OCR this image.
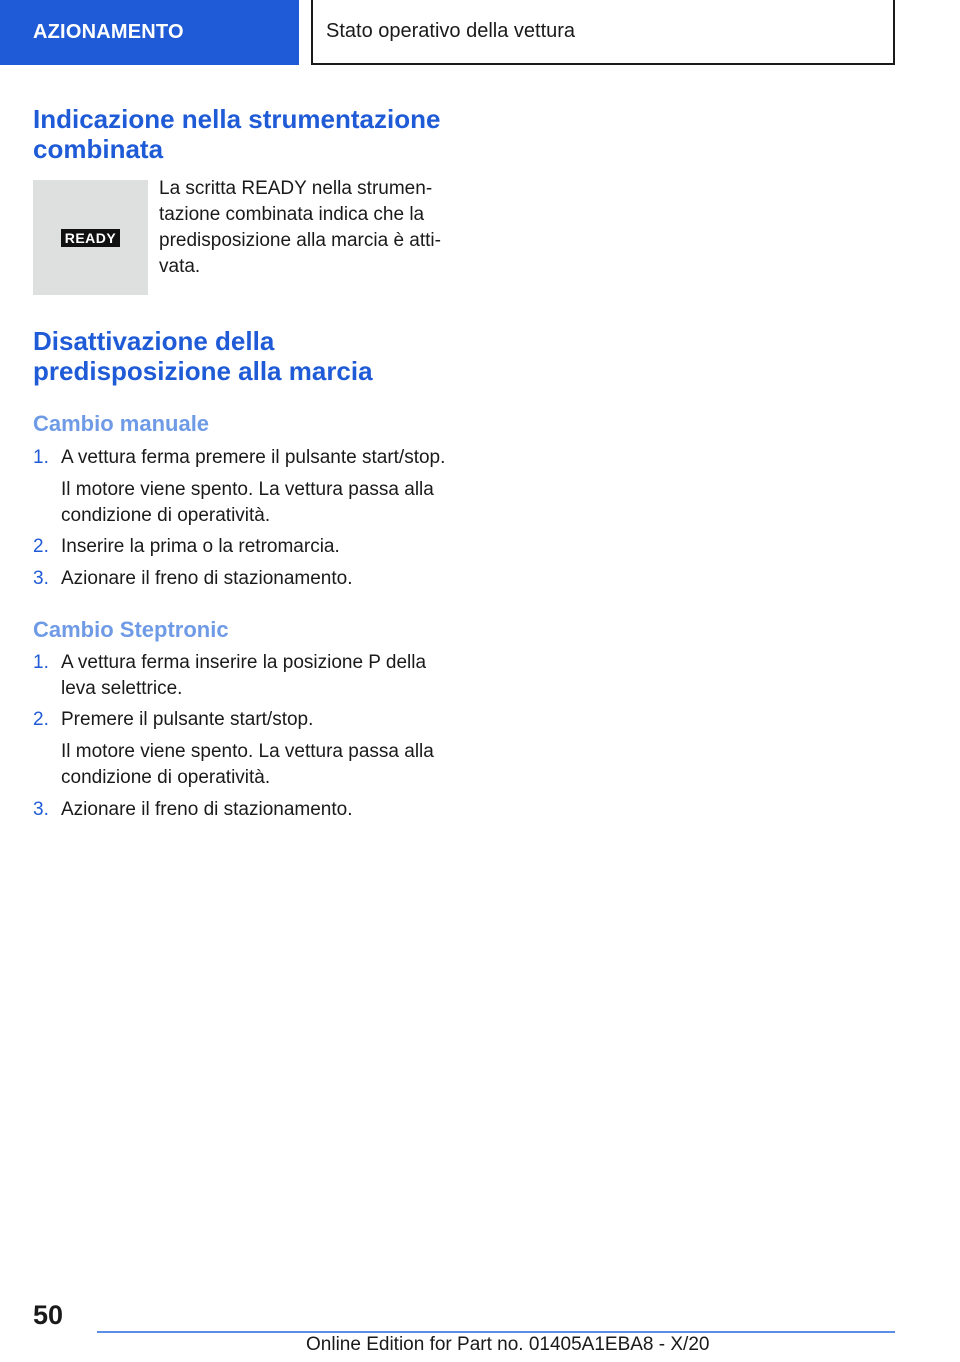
AZIONAMENTO	Stato operativo della vettura
Indicazione nella strumentazione
combinata
READY
La scritta READY nella strumen-
tazione combinata indica che la
predisposizione alla marcia è atti-
vata.
Disattivazione della
predisposizione alla marcia
Cambio manuale
1. A vettura ferma premere il pulsante start/stop.
Il motore viene spento. La vettura passa alla
condizione di operatività.
2. Inserire la prima o la retromarcia.
3. Azionare il freno di stazionamento.
Cambio Steptronic
1. A vettura ferma inserire la posizione P della
leva selettrice.
2. Premere il pulsante start/stop.
Il motore viene spento. La vettura passa alla
condizione di operatività.
3. Azionare il freno di stazionamento.
50
Online Edition for Part no. 01405A1EBA8 - X/20
